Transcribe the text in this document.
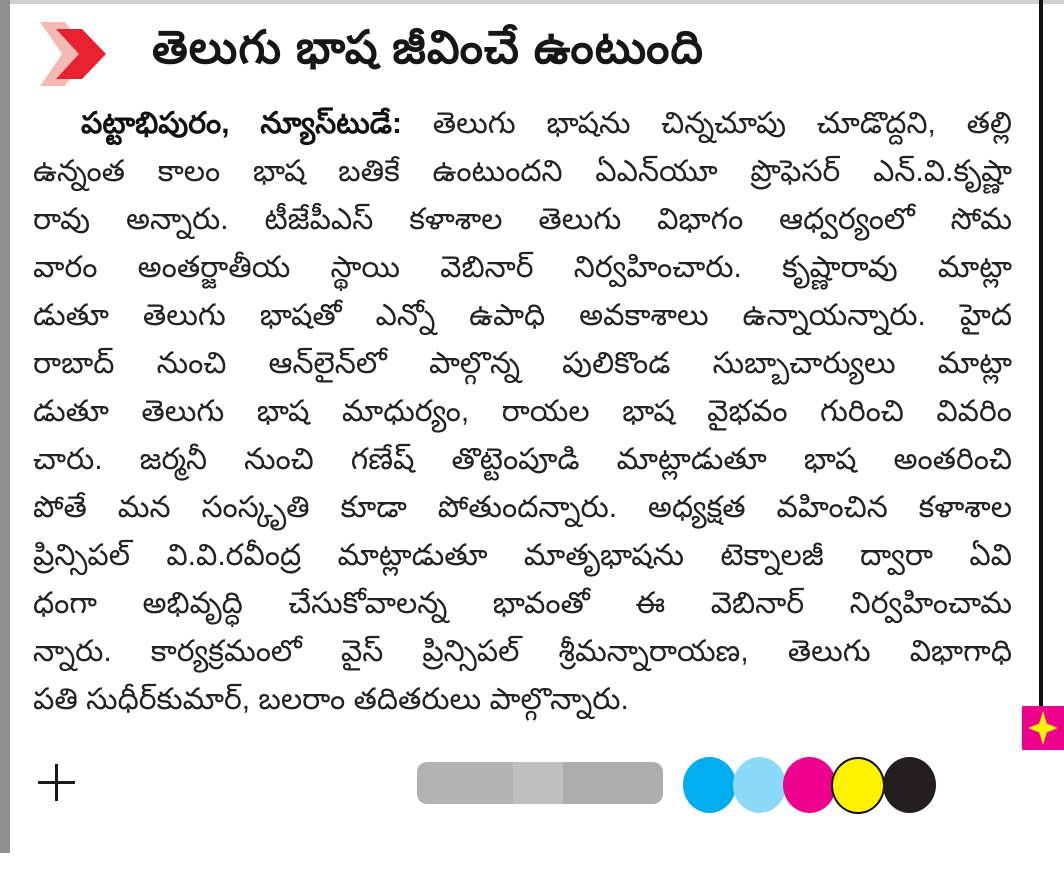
తెలుగు భాష జీవించే ఉంటుంది
పట్టాభిపురం, న్యూస్‌టుడే: తెలుగు భాషను చిన్నచూపు చూడొద్దని, తల్లి
ఉన్నంత కాలం భాష బతికే ఉంటుందని ఏఎన్‌యూ ప్రొఫెసర్ ఎన్.వి.కృష్ణా
రావు అన్నారు. టీజేపీఎస్ కళాశాల తెలుగు విభాగం ఆధ్వర్యంలో సోమ
వారం అంతర్జాతీయ స్థాయి వెబినార్ నిర్వహించారు. కృష్ణారావు మాట్లా
డుతూ తెలుగు భాషతో ఎన్నో ఉపాధి అవకాశాలు ఉన్నాయన్నారు. హైద
రాబాద్ నుంచి ఆన్‌లైన్‌లో పాల్గొన్న పులికొండ సుబ్బాచార్యులు మాట్లా
డుతూ తెలుగు భాష మాధుర్యం, రాయల భాష వైభవం గురించి వివరిం
చారు. జర్మనీ నుంచి గణేష్ తొట్టెంపూడి మాట్లాడుతూ భాష అంతరించి
పోతే మన సంస్కృతి కూడా పోతుందన్నారు. అధ్యక్షత వహించిన కళాశాల
ప్రిన్సిపల్ వి.వి.రవీంద్ర మాట్లాడుతూ మాతృభాషను టెక్నాలజీ ద్వారా ఏవి
ధంగా అభివృద్ధి చేసుకోవాలన్న భావంతో ఈ వెబినార్ నిర్వహించామ
న్నారు. కార్యక్రమంలో వైస్ ప్రిన్సిపల్ శ్రీమన్నారాయణ, తెలుగు విభాగాధి
పతి సుధీర్‌కుమార్, బలరాం తదితరులు పాల్గొన్నారు.
